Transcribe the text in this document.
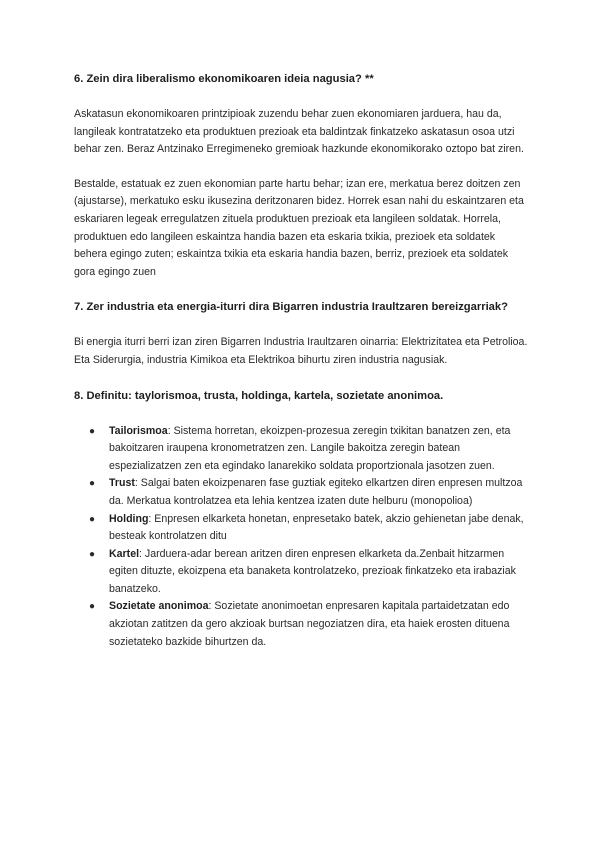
6. Zein dira liberalismo ekonomikoaren ideia nagusia? **

Askatasun ekonomikoaren printzipioak zuzendu behar zuen ekonomiaren jarduera, hau da, langileak kontratatzeko eta produktuen prezioak eta baldintzak finkatzeko askatasun osoa utzi behar zen. Beraz Antzinako Erregimeneko gremioak hazkunde ekonomikorako oztopo bat ziren.

Bestalde, estatuak ez zuen ekonomian parte hartu behar; izan ere, merkatua berez doitzen zen (ajustarse), merkatuko esku ikusezina deritzonaren bidez. Horrek esan nahi du eskaintzaren eta eskariaren legeak erregulatzen zituela produktuen prezioak eta langileen soldatak. Horrela, produktuen edo langileen eskaintza handia bazen eta eskaria txikia, prezioek eta soldatek behera egingo zuten; eskaintza txikia eta eskaria handia bazen, berriz, prezioek eta soldatek gora egingo zuen

7. Zer industria eta energia-iturri dira Bigarren industria Iraultzaren bereizgarriak?

Bi energia iturri berri izan ziren Bigarren Industria Iraultzaren oinarria: Elektrizitatea eta Petrolioa. Eta Siderurgia, industria Kimikoa eta Elektrikoa bihurtu ziren industria nagusiak.

8. Definitu: taylorismoa, trusta, holdinga, kartela, sozietate anonimoa.
● Tailorismoa: Sistema horretan, ekoizpen-prozesua zeregin txikitan banatzen zen, eta bakoitzaren iraupena kronometratzen zen. Langile bakoitza zeregin batean espezializatzen zen eta egindako lanarekiko soldata proportzionala jasotzen zuen.
● Trust: Salgai baten ekoizpenaren fase guztiak egiteko elkartzen diren enpresen multzoa da. Merkatua kontrolatzea eta lehia kentzea izaten dute helburu (monopolioa)
● Holding: Enpresen elkarketa honetan, enpresetako batek, akzio gehienetan jabe denak, besteak kontrolatzen ditu
● Kartel: Jarduera-adar berean aritzen diren enpresen elkarketa da.Zenbait hitzarmen egiten dituzte, ekoizpena eta banaketa kontrolatzeko, prezioak finkatzeko eta irabaziak banatzeko.
● Sozietate anonimoa: Sozietate anonimoetan enpresaren kapitala partaidetzatan edo akziotan zatitzen da gero akzioak burtsan negoziatzen dira, eta haiek erosten dituena sozietateko bazkide bihurtzen da.
